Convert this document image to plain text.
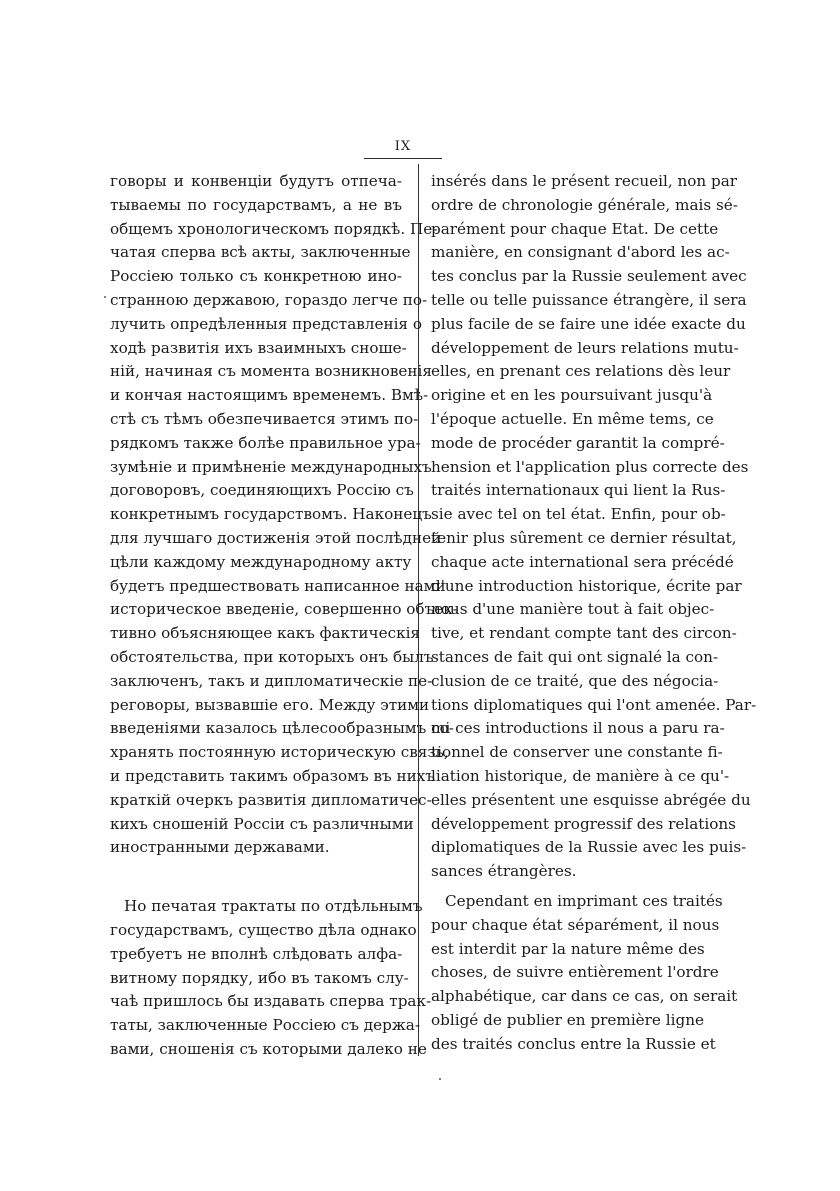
IX
говоры и конвенціи будутъ отпеча-
тываемы по государствамъ, а не въ
общемъ хронологическомъ порядкѣ. Пе-
чатая сперва всѣ акты, заключенные
Россіею только съ конкретною ино-
странною державою, гораздо легче по-
лучить опредѣленныя представленія о
ходѣ развитія ихъ взаимныхъ сноше-
ній, начиная съ момента возникновенія
и кончая настоящимъ временемъ. Вмѣ-
стѣ съ тѣмъ обезпечивается этимъ по-
рядкомъ также болѣе правильное ура-
зумѣніе и примѣненіе международныхъ
договоровъ, соединяющихъ Россію съ
конкретнымъ государствомъ. Наконецъ
для лучшаго достиженія этой послѣдней
цѣли каждому международному акту
будетъ предшествовать написанное нами
историческое введеніе, совершенно объек-
тивно объясняющее какъ фактическія
обстоятельства, при которыхъ онъ былъ
заключенъ, такъ и дипломатическіе пе-
реговоры, вызвавшіе его. Между этими
введеніями казалось цѣлесообразнымъ со-
хранять постоянную историческую связь,
и представить такимъ образомъ въ нихъ
краткій очеркъ развитія дипломатичес-
кихъ сношеній Россіи съ различными
иностранными державами.
Но печатая трактаты по отдѣльнымъ
государствамъ, существо дѣла однако
требуетъ не вполнѣ слѣдовать алфа-
витному порядку, ибо въ такомъ слу-
чаѣ пришлось бы издавать сперва трак-
таты, заключенные Россіею съ держа-
вами, сношенія съ которыми далеко не
insérés dans le présent recueil, non par
ordre de chronologie générale, mais sé-
parément pour chaque Etat. De cette
manière, en consignant d'abord les ac-
tes conclus par la Russie seulement avec
telle ou telle puissance étrangère, il sera
plus facile de se faire une idée exacte du
développement de leurs relations mutu-
elles, en prenant ces relations dès leur
origine et en les poursuivant jusqu'à
l'époque actuelle. En même tems, ce
mode de procéder garantit la compré-
hension et l'application plus correcte des
traités internationaux qui lient la Rus-
sie avec tel on tel état. Enfin, pour ob-
tenir plus sûrement ce dernier résultat,
chaque acte international sera précédé
d'une introduction historique, écrite par
nous d'une manière tout à fait objec-
tive, et rendant compte tant des circon-
stances de fait qui ont signalé la con-
clusion de ce traité, que des négocia-
tions diplomatiques qui l'ont amenée. Par-
mi ces introductions il nous a paru ra-
tionnel de conserver une constante fi-
liation historique, de manière à ce qu'-
elles présentent une esquisse abrégée du
développement progressif des relations
diplomatiques de la Russie avec les puis-
sances étrangères.
Cependant en imprimant ces traités
pour chaque état séparément, il nous
est interdit par la nature même des
choses, de suivre entièrement l'ordre
alphabétique, car dans ce cas, on serait
obligé de publier en première ligne
des traités conclus entre la Russie et
